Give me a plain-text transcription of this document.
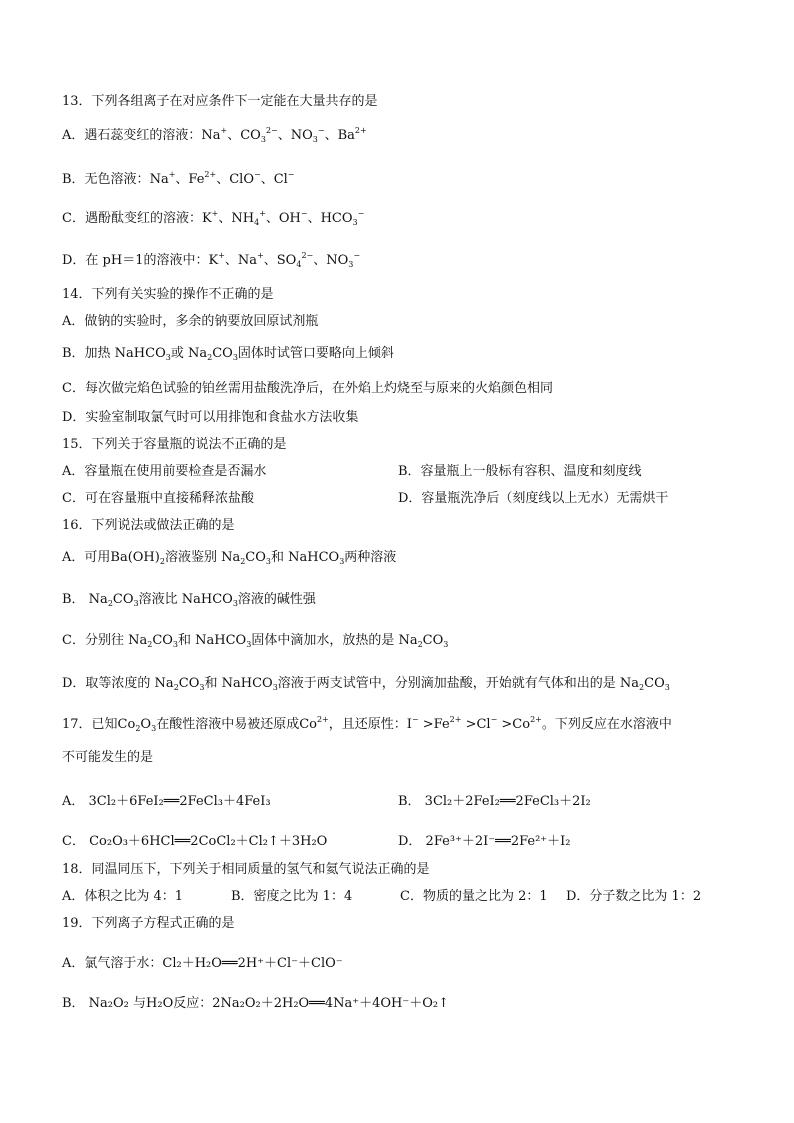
13．下列各组离子在对应条件下一定能在大量共存的是
A．遇石蕊变红的溶液：Na+、$CO_3^{2-}$、$NO_3^-$、$Ba^{2+}$
B．无色溶液：Na+、$Fe^{2+}$、ClO−、Cl−
C．遇酚酞变红的溶液：K+、$NH_4^+$、OH−、$HCO_3^-$
D．在 pH＝1的溶液中：K+、Na+、$SO_4^{2-}$、$NO_3^-$
14．下列有关实验的操作不正确的是
A．做钠的实验时，多余的钠要放回原试剂瓶
B．加热 NaHCO$_3$或 $Na_2CO_3$固体时试管口要略向上倾斜
C．每次做完焰色试验的铂丝需用盐酸洗净后，在外焰上灼烧至与原来的火焰颜色相同
D．实验室制取氯气时可以用排饱和食盐水方法收集
15．下列关于容量瓶的说法不正确的是
A．容量瓶在使用前要检查是否漏水	B．容量瓶上一般标有容积、温度和刻度线
C．可在容量瓶中直接稀释浓盐酸	D．容量瓶洗净后（刻度线以上无水）无需烘干
16．下列说法或做法正确的是
A．可用$Ba(OH)_2$溶液鉴别 $Na_2CO_3$和 NaHCO$_3$两种溶液
B． $Na_2CO_3$溶液比 NaHCO$_3$溶液的碱性强
C．分别往 $Na_2CO_3$和 NaHCO$_3$固体中滴加水，放热的是 $Na_2CO_3$
D．取等浓度的 $Na_2CO_3$和 NaHCO$_3$溶液于两支试管中，分别滴加盐酸，开始就有气体和出的是 $Na_2CO_3$
17．已知$Co_2O_3$在酸性溶液中易被还原成$Co^{2+}$，且还原性：$I^- >Fe^{2+} >Cl^- >Co^{2+}$。下列反应在水溶液中
不可能发生的是
A． 3Cl₂＋6FeI₂══2FeCl₃＋4FeI₃	B． 3Cl₂＋2FeI₂══2FeCl₃＋2I₂
C． Co₂O₃＋6HCl══2CoCl₂＋Cl₂↑＋3H₂O	D． 2Fe³⁺＋2I⁻══2Fe²⁺＋I₂
18．同温同压下，下列关于相同质量的氢气和氦气说法正确的是
A．体积之比为 4：1	B．密度之比为 1：4	C．物质的量之比为 2：1 D．分子数之比为 1：2
19．下列离子方程式正确的是
A．氯气溶于水：Cl₂＋H₂O══2H⁺＋Cl⁻＋ClO⁻
B． Na₂O₂ 与H₂O反应：2Na₂O₂＋2H₂O══4Na⁺＋4OH⁻＋O₂↑
